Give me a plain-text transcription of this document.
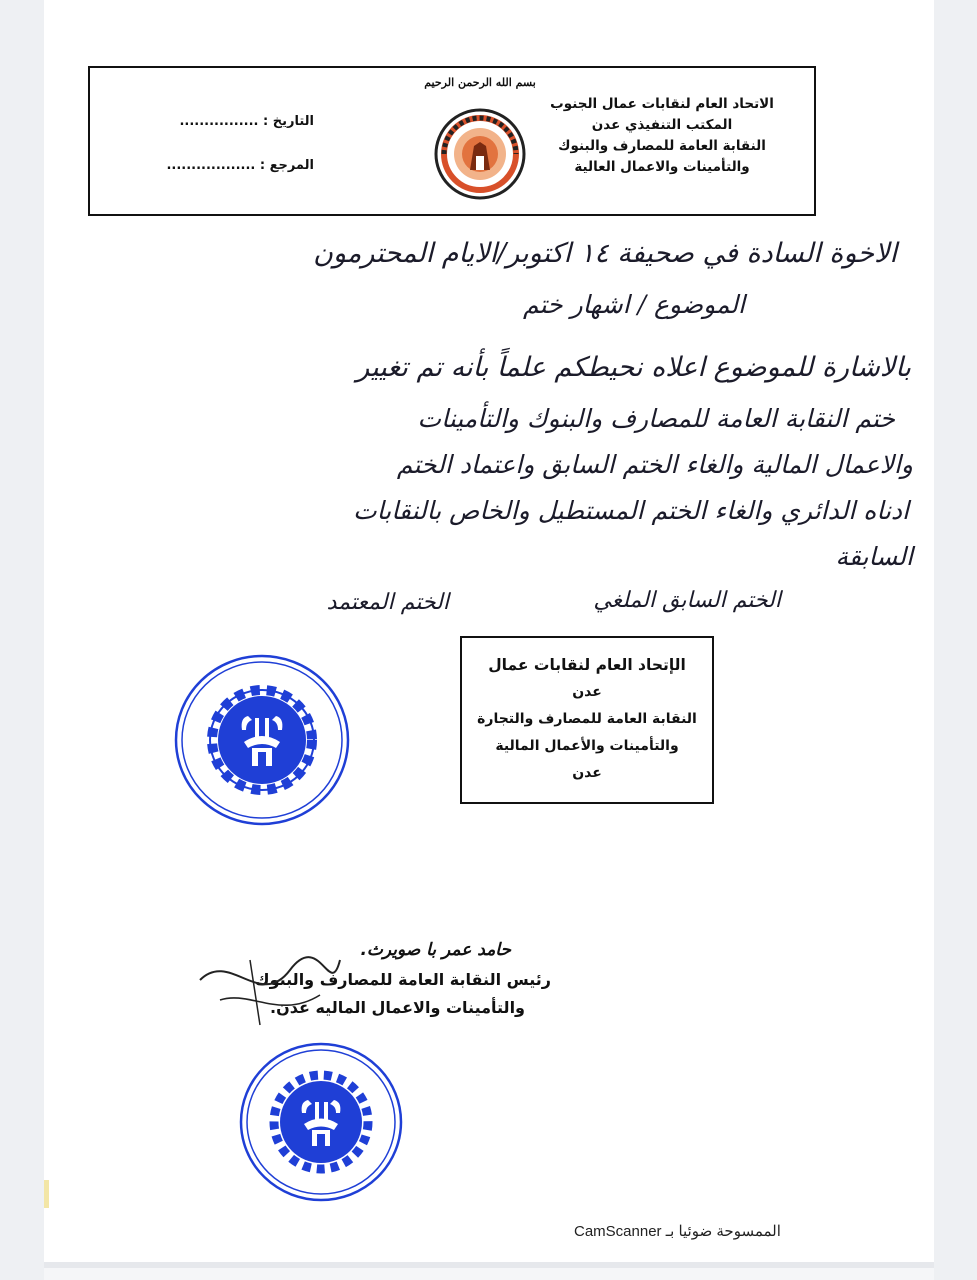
الاتحاد العام لنقابات عمال الجنوب
المكتب التنفيذي عدن
النقابة العامة للمصارف والبنوك
والتأمينات والاعمال العالية
بسم الله الرحمن الرحيم
التاريخ : ................
المرجع : ..................
الاخوة السادة في صحيفة ١٤ اكتوبر/الايام المحترمون
الموضوع / اشهار ختم
بالاشارة للموضوع اعلاه نحيطكم علماً بأنه تم تغيير
ختم النقابة العامة للمصارف والبنوك والتأمينات
والاعمال المالية والغاء الختم السابق واعتماد الختم
ادناه الدائري والغاء الختم المستطيل والخاص بالنقابات
السابقة
الختم السابق الملغي
الختم المعتمد
الإتحاد العام لنقابات عمال
عدن
النقابة العامة للمصارف والتجارة
والتأمينات والأعمال المالية
عدن
حامد عمر با صويرث.
رئيس النقابة العامة للمصارف والبنوك
والتأمينات والاعمال الماليه عدن.
الممسوحة ضوئيا بـ CamScanner
